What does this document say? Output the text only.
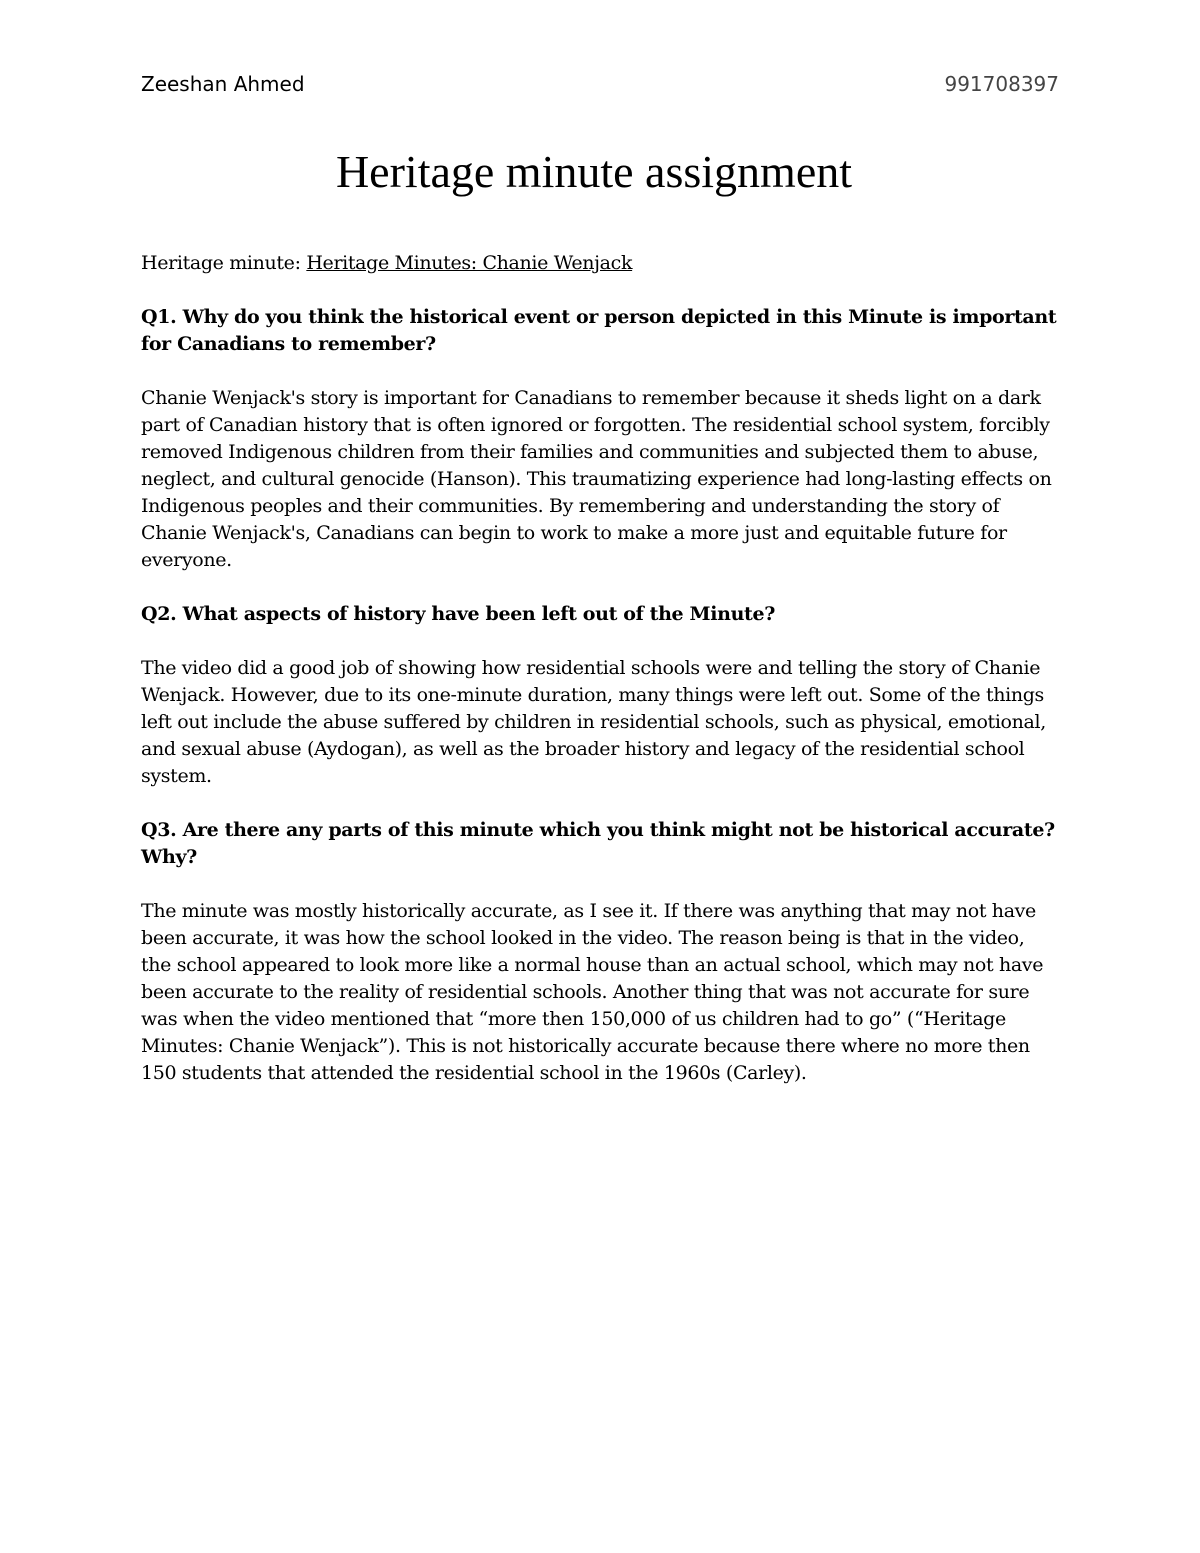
Zeeshan Ahmed	991708397
Heritage minute assignment

Heritage minute: Heritage Minutes: Chanie Wenjack

Q1. Why do you think the historical event or person depicted in this Minute is important for Canadians to remember?

Chanie Wenjack's story is important for Canadians to remember because it sheds light on a dark part of Canadian history that is often ignored or forgotten. The residential school system, forcibly removed Indigenous children from their families and communities and subjected them to abuse, neglect, and cultural genocide (Hanson). This traumatizing experience had long-lasting effects on Indigenous peoples and their communities. By remembering and understanding the story of Chanie Wenjack's, Canadians can begin to work to make a more just and equitable future for everyone.

Q2. What aspects of history have been left out of the Minute?

The video did a good job of showing how residential schools were and telling the story of Chanie Wenjack. However, due to its one-minute duration, many things were left out. Some of the things left out include the abuse suffered by children in residential schools, such as physical, emotional, and sexual abuse (Aydogan), as well as the broader history and legacy of the residential school system.

Q3. Are there any parts of this minute which you think might not be historical accurate? Why?

The minute was mostly historically accurate, as I see it. If there was anything that may not have been accurate, it was how the school looked in the video. The reason being is that in the video, the school appeared to look more like a normal house than an actual school, which may not have been accurate to the reality of residential schools. Another thing that was not accurate for sure was when the video mentioned that “more then 150,000 of us children had to go” (“Heritage Minutes: Chanie Wenjack”). This is not historically accurate because there where no more then 150 students that attended the residential school in the 1960s (Carley).
